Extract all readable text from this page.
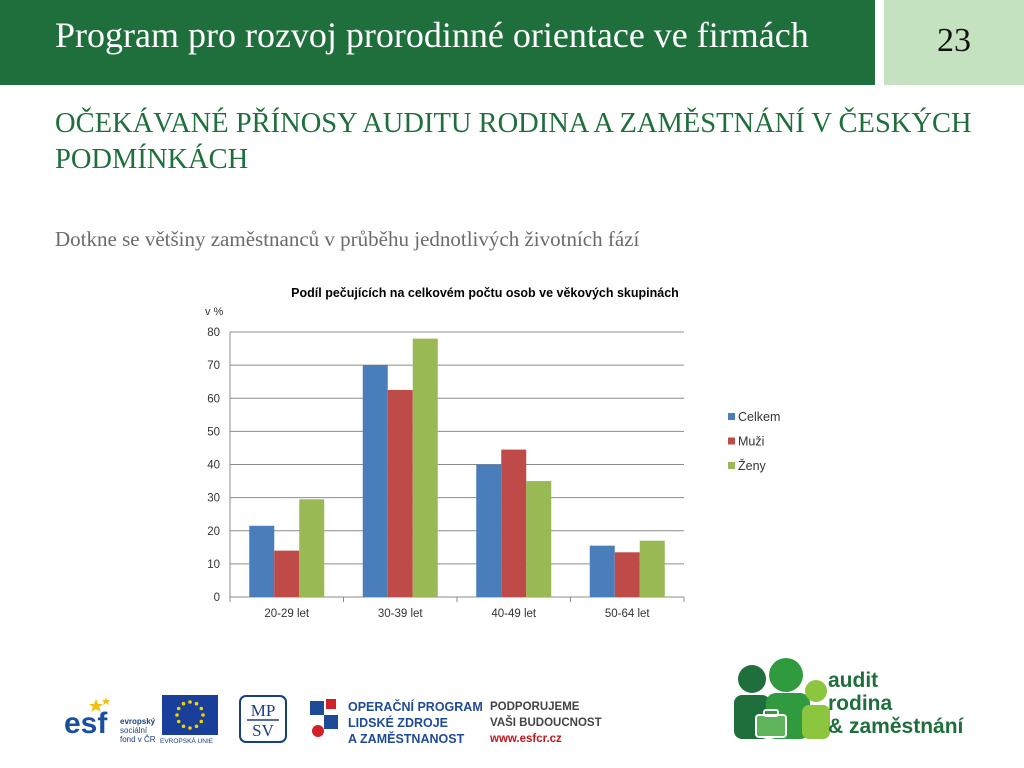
Program pro rozvoj prorodinné orientace ve firmách	23
OČEKÁVANÉ PŘÍNOSY AUDITU RODINA A ZAMĚSTNÁNÍ V ČESKÝCH PODMÍNKÁCH
Dotkne se většiny zaměstnanců v průběhu jednotlivých životních fází
Podíl pečujících na celkovém počtu osob ve věkových skupinách
v %
0
10
20
30
40
50
60
70
80
20-29 let	30-39 let	40-49 let	50-64 let
Celkem
Muži
Ženy
esf evropský
sociální
fond v ČR EVROPSKÁ UNIE
MP
SV
OPERAČNÍ PROGRAM
LIDSKÉ ZDROJE
A ZAMĚSTNANOST
PODPORUJEME
VAŠI BUDOUCNOST
www.esfcr.cz
audit
rodina
& zaměstnání
